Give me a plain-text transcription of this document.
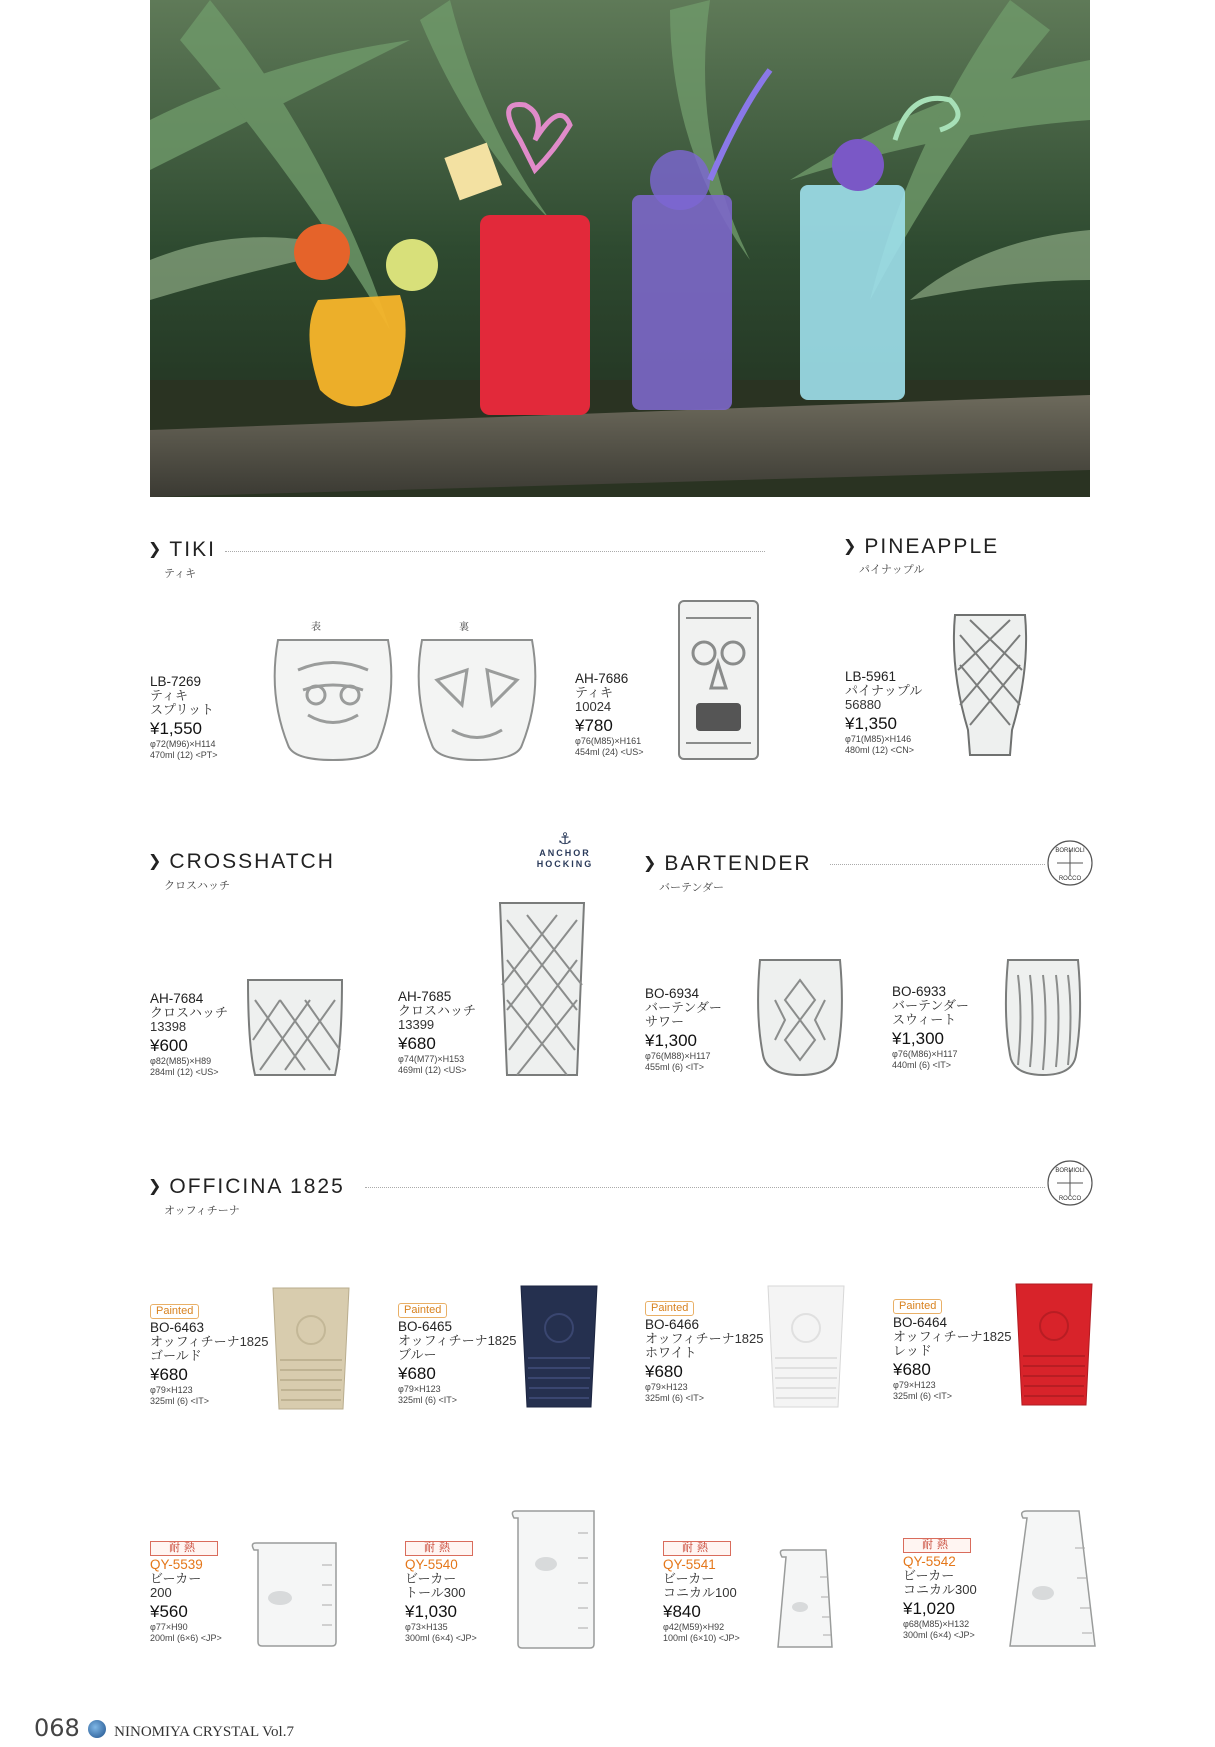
❯ TIKI
ティキ
❯ PINEAPPLE
パイナップル
表	裏
LB-7269
ティキ
スプリット
¥1,550
φ72(M96)×H114
470ml (12) <PT>
AH-7686
ティキ
10024
¥780
φ76(M85)×H161
454ml (24) <US>
LB-5961
パイナップル
56880
¥1,350
φ71(M85)×H146
480ml (12) <CN>
❯ CROSSHATCH
クロスハッチ
⚓
ANCHOR
HOCKING	❯ BARTENDER
バーテンダー
BORMIOLI
ROCCO
AH-7684
クロスハッチ
13398
¥600
φ82(M85)×H89
284ml (12) <US>
AH-7685
クロスハッチ
13399
¥680
φ74(M77)×H153
469ml (12) <US>
BO-6934
バーテンダー
サワー
¥1,300
φ76(M88)×H117
455ml (6) <IT>
BO-6933
バーテンダー
スウィート
¥1,300
φ76(M86)×H117
440ml (6) <IT>
❯ OFFICINA 1825
オッフィチーナ
BORMIOLI
ROCCO
Painted
BO-6463
オッフィチーナ1825
ゴールド
¥680
φ79×H123
325ml (6) <IT>
Painted
BO-6465
オッフィチーナ1825
ブルー
¥680
φ79×H123
325ml (6) <IT>
Painted
BO-6466
オッフィチーナ1825
ホワイト
¥680
φ79×H123
325ml (6) <IT>
Painted
BO-6464
オッフィチーナ1825
レッド
¥680
φ79×H123
325ml (6) <IT>
耐熱
QY-5539
ビーカー
200
¥560
φ77×H90
200ml (6×6) <JP>
耐熱
QY-5540
ビーカー
トール300
¥1,030
φ73×H135
300ml (6×4) <JP>
耐熱
QY-5541
ビーカー
コニカル100
¥840
φ42(M59)×H92
100ml (6×10) <JP>
耐熱
QY-5542
ビーカー
コニカル300
¥1,020
φ68(M85)×H132
300ml (6×4) <JP>
068 NINOMIYA CRYSTAL Vol.7
